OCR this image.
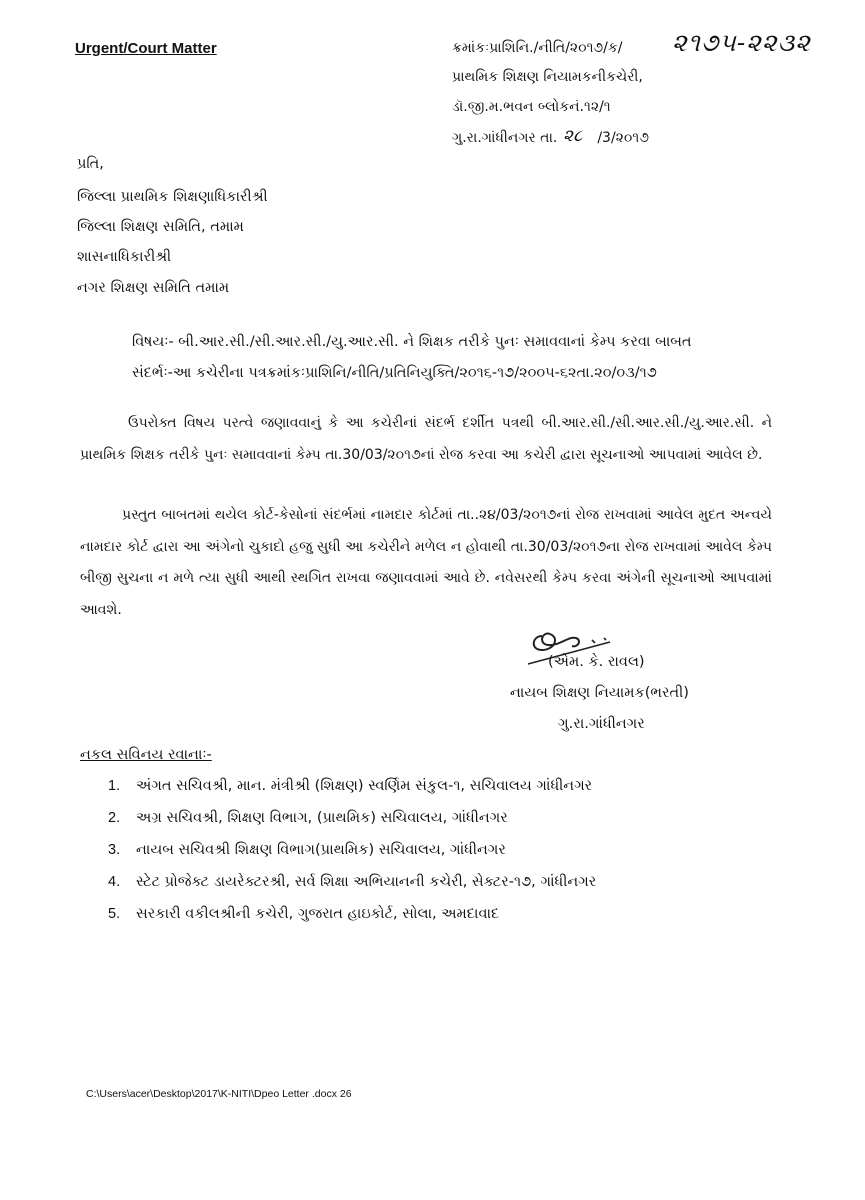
Urgent/Court Matter	ક્રમાંકઃપ્રાશિનિ./નીતિ/૨૦૧૭/ક/ ૨૧૭૫-૨૨૩૨
પ્રાથમિક શિક્ષણ નિયામકનીકચેરી,
ડૉ.જી.મ.ભવન બ્લોકનં.૧૨/૧
ગુ.રા.ગાંધીનગર તા.	/3/૨૦૧૭
૨૮
પ્રતિ,
જિલ્લા પ્રાથમિક શિક્ષણાધિકારીશ્રી
જિલ્લા શિક્ષણ સમિતિ, તમામ
શાસનાધિકારીશ્રી
નગર શિક્ષણ સમિતિ તમામ
વિષયઃ- બી.આર.સી./સી.આર.સી./યુ.આર.સી. ને શિક્ષક તરીકે પુનઃ સમાવવાનાં કેમ્પ કરવા બાબત
સંદર્ભઃ-આ કચેરીના પત્રક્રમાંકઃપ્રાશિનિ/નીતિ/પ્રતિનિયુક્તિ/૨૦૧૬-૧૭/૨૦૦૫-૬૨તા.૨૦/૦૩/૧૭

ઉપરોક્ત વિષય પરત્વે જણાવવાનું કે આ કચેરીનાં સંદર્ભ દર્શીત પત્રથી બી.આર.સી./સી.આર.સી./યુ.આર.સી. ને પ્રાથમિક શિક્ષક તરીકે પુનઃ સમાવવાનાં કેમ્પ તા.30/03/૨૦૧૭નાં રોજ કરવા આ કચેરી દ્વારા સૂચનાઓ આપવામાં આવેલ છે.

પ્રસ્તુત બાબતમાં થયેલ કોર્ટ-કેસોનાં સંદર્ભમાં નામદાર કોર્ટમાં તા..૨૪/03/૨૦૧૭નાં રોજ રાખવામાં આવેલ મુદત અન્વયે નામદાર કોર્ટ દ્વારા આ અંગેનો ચુકાદો હજુ સુધી આ કચેરીને મળેલ ન હોવાથી તા.30/03/૨૦૧૭ના રોજ રાખવામાં આવેલ કેમ્પ બીજી સુચના ન મળે ત્યા સુધી આથી સ્થગિત રાખવા જણાવવામાં આવે છે. નવેસરથી કેમ્પ કરવા અંગેની સૂચનાઓ આપવામાં આવશે.

(એમ. કે. રાવલ)
નાયબ શિક્ષણ નિયામક(ભરતી)
ગુ.રા.ગાંધીનગર
નકલ સવિનય રવાનાઃ-
1.	અંગત સચિવશ્રી, માન. મંત્રીશ્રી (શિક્ષણ) સ્વર્ણિમ સંકુલ-૧, સચિવાલય ગાંધીનગર
2.	અગ્ર સચિવશ્રી, શિક્ષણ વિભાગ, (પ્રાથમિક) સચિવાલય, ગાંધીનગર
3.	નાયબ સચિવશ્રી શિક્ષણ વિભાગ(પ્રાથમિક) સચિવાલય, ગાંધીનગર
4.	સ્ટેટ પ્રોજેક્ટ ડાયરેક્ટરશ્રી, સર્વ શિક્ષા અભિયાનની કચેરી, સેક્ટર-૧૭, ગાંધીનગર
5.	સરકારી વકીલશ્રીની કચેરી, ગુજરાત હાઇકોર્ટ, સોલા, અમદાવાદ
C:\Users\acer\Desktop\2017\K-NITI\Dpeo Letter .docx 26
